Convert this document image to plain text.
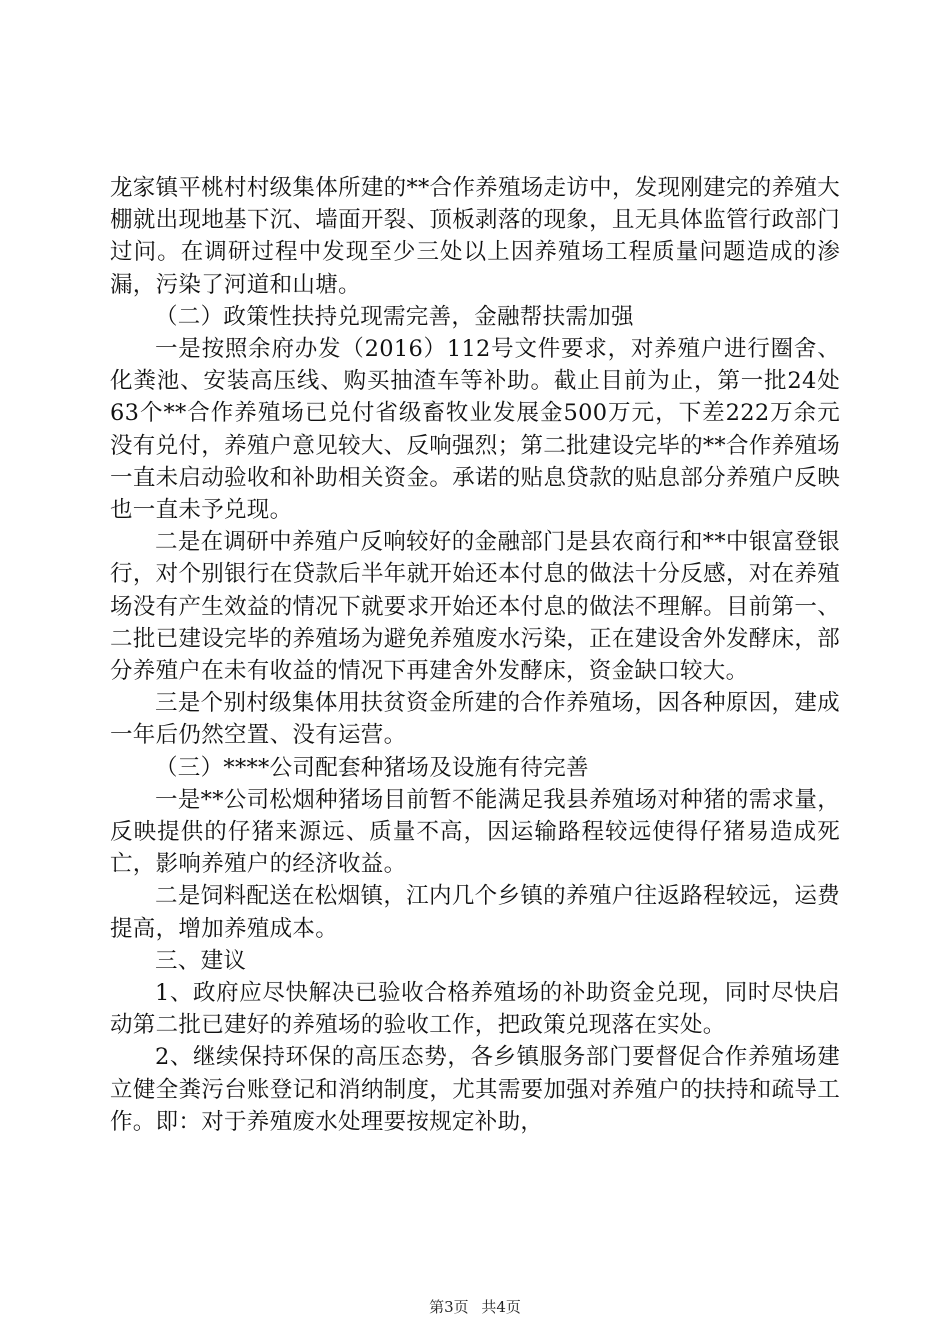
龙家镇平桃村村级集体所建的**合作养殖场走访中，发现刚建完的养殖大棚就出现地基下沉、墙面开裂、顶板剥落的现象，且无具体监管行政部门过问。在调研过程中发现至少三处以上因养殖场工程质量问题造成的渗漏，污染了河道和山塘。

（二）政策性扶持兑现需完善，金融帮扶需加强

一是按照余府办发（2016）112号文件要求，对养殖户进行圈舍、化粪池、安装高压线、购买抽渣车等补助。截止目前为止，第一批24处63个**合作养殖场已兑付省级畜牧业发展金500万元，下差222万余元没有兑付，养殖户意见较大、反响强烈；第二批建设完毕的**合作养殖场一直未启动验收和补助相关资金。承诺的贴息贷款的贴息部分养殖户反映也一直未予兑现。

二是在调研中养殖户反响较好的金融部门是县农商行和**中银富登银行，对个别银行在贷款后半年就开始还本付息的做法十分反感，对在养殖场没有产生效益的情况下就要求开始还本付息的做法不理解。目前第一、二批已建设完毕的养殖场为避免养殖废水污染，正在建设舍外发酵床，部分养殖户在未有收益的情况下再建舍外发酵床，资金缺口较大。

三是个别村级集体用扶贫资金所建的合作养殖场，因各种原因，建成一年后仍然空置、没有运营。

（三）****公司配套种猪场及设施有待完善

一是**公司松烟种猪场目前暂不能满足我县养殖场对种猪的需求量，反映提供的仔猪来源远、质量不高，因运输路程较远使得仔猪易造成死亡，影响养殖户的经济收益。

二是饲料配送在松烟镇，江内几个乡镇的养殖户往返路程较远，运费提高，增加养殖成本。

三、建议

1、政府应尽快解决已验收合格养殖场的补助资金兑现，同时尽快启动第二批已建好的养殖场的验收工作，把政策兑现落在实处。

2、继续保持环保的高压态势，各乡镇服务部门要督促合作养殖场建立健全粪污台账登记和消纳制度，尤其需要加强对养殖户的扶持和疏导工作。即：对于养殖废水处理要按规定补助，

第3页 共4页
